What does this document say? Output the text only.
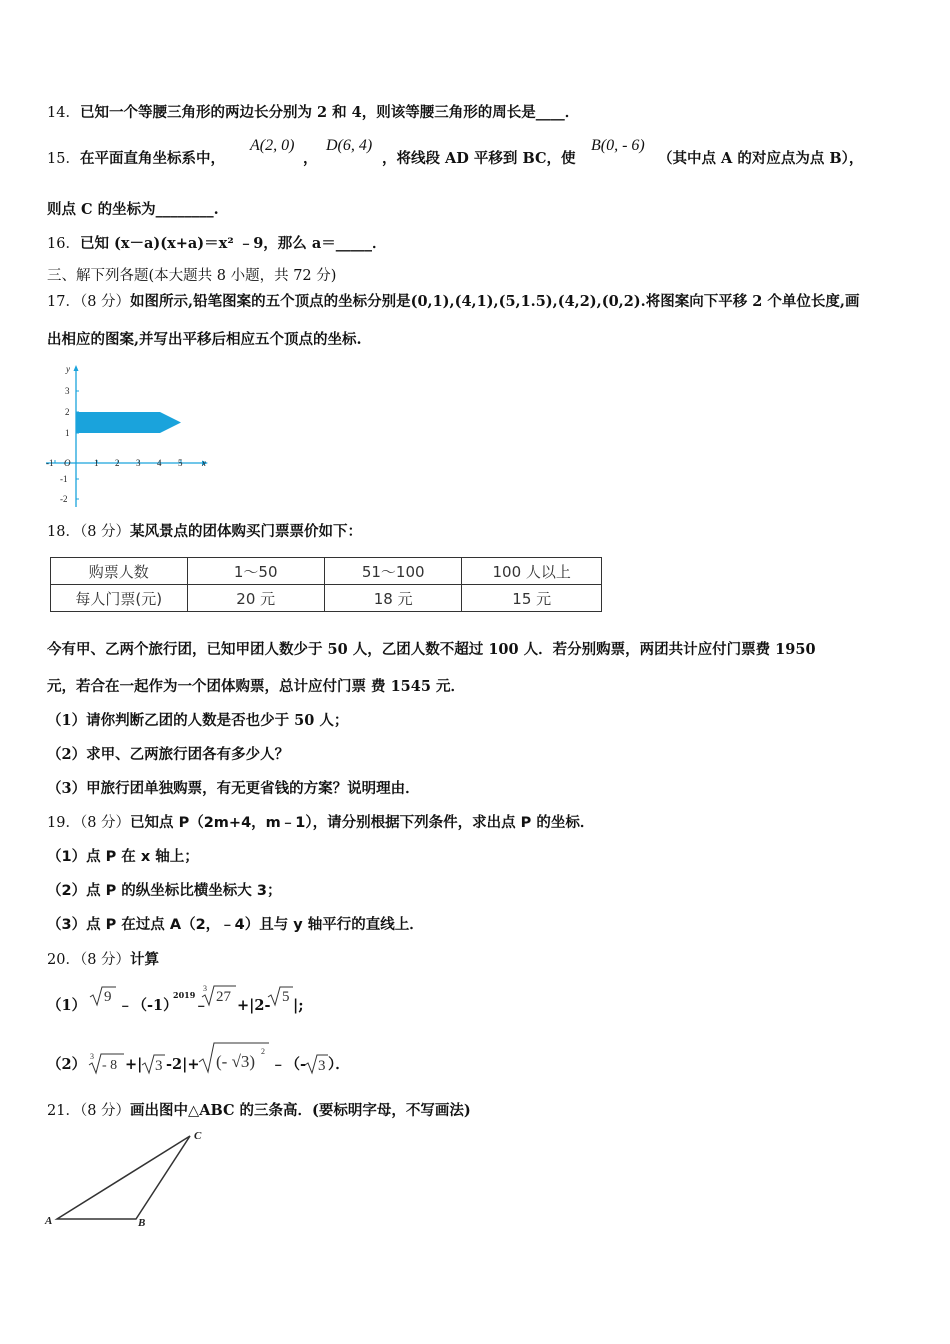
14．已知一个等腰三角形的两边长分别为 2 和 4，则该等腰三角形的周长是____．
15．在平面直角坐标系中，
A(2, 0)
，
D(6, 4)
，将线段 AD 平移到 BC，使
B(0, - 6)
（其中点 A 的对应点为点 B），
则点 C 的坐标为________.
16．已知 (x－a)(x+a)＝x² ﹣9，那么 a＝_____．
三、解下列各题(本大题共 8 小题，共 72 分)
17．（8 分）如图所示,铅笔图案的五个顶点的坐标分别是(0,1),(4,1),(5,1.5),(4,2),(0,2).将图案向下平移 2 个单位长度,画
出相应的图案,并写出平移后相应五个顶点的坐标.
y
x
O
-1	1 2 3 4 5
3
2
1
-1
-2
18．（8 分）某风景点的团体购买门票票价如下：
购票人数	1～50	51～100	100 人以上
每人门票(元)	20 元	18 元	15 元
今有甲、乙两个旅行团，已知甲团人数少于 50 人，乙团人数不超过 100 人．若分别购票，两团共计应付门票费 1950
元，若合在一起作为一个团体购票，总计应付门票 费 1545 元．
（1）请你判断乙团的人数是否也少于 50 人；
（2）求甲、乙两旅行团各有多少人？
（3）甲旅行团单独购票，有无更省钱的方案？说明理由．
19．（8 分）已知点 P（2m+4，m﹣1），请分别根据下列条件，求出点 P 的坐标．
（1）点 P 在 x 轴上；
（2）点 P 的纵坐标比横坐标大 3；
（3）点 P 在过点 A（2，﹣4）且与 y 轴平行的直线上．
20．（8 分）计算
（1） 9 ﹣（-1）
2019
﹣
3
27 +|2- 5 |;
（2） 3
- 8 +| 3 -2|+ (- √3)
2
﹣（- 3 ）．
21．（8 分）画出图中△ABC 的三条高．(要标明字母，不写画法)
A	B
C
